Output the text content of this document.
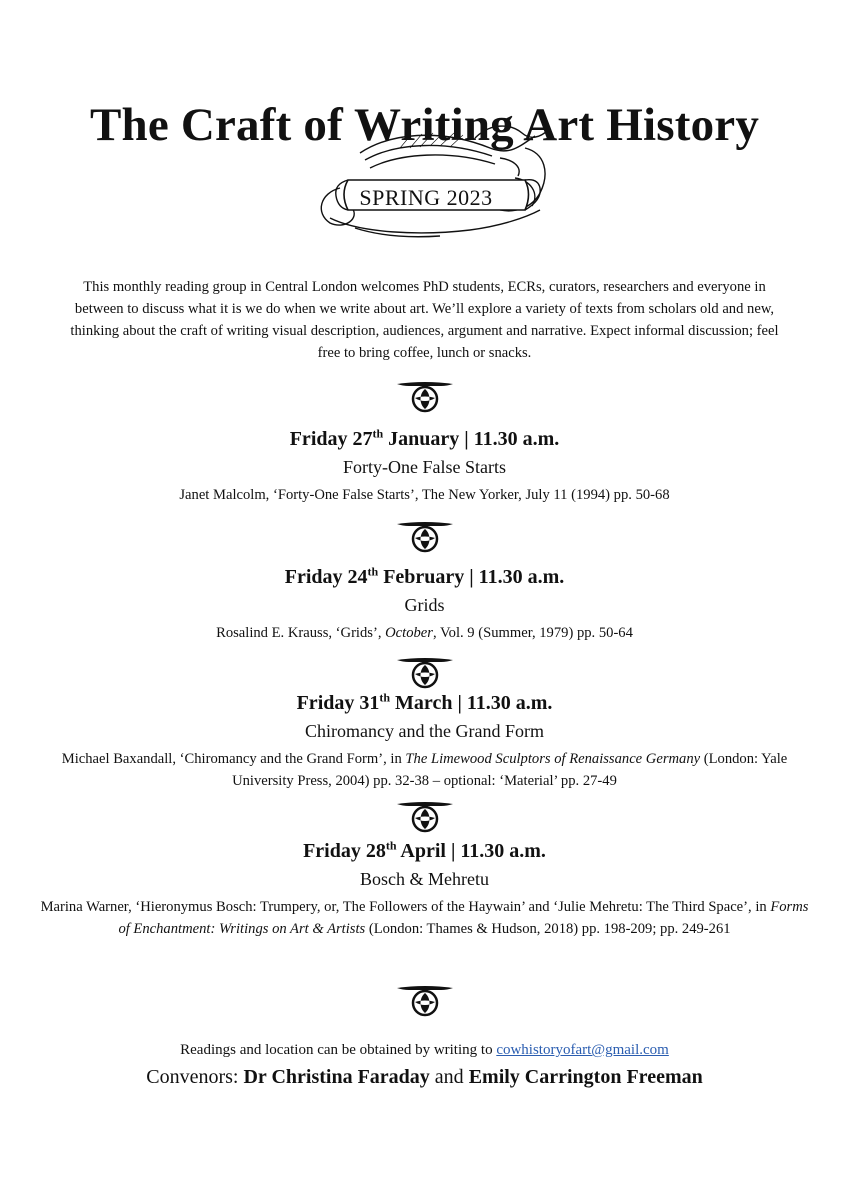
The Craft of Writing Art History
SPRING 2023

This monthly reading group in Central London welcomes PhD students, ECRs, curators, researchers and everyone in between to discuss what it is we do when we write about art. We’ll explore a variety of texts from scholars old and new, thinking about the craft of writing visual description, audiences, argument and narrative. Expect informal discussion; feel free to bring coffee, lunch or snacks.

Friday 27th January | 11.30 a.m.
Forty-One False Starts
Janet Malcolm, ‘Forty-One False Starts’, The New Yorker, July 11 (1994) pp. 50-68
Friday 24th February | 11.30 a.m.
Grids
Rosalind E. Krauss, ‘Grids’, October, Vol. 9 (Summer, 1979) pp. 50-64
Friday 31th March | 11.30 a.m.
Chiromancy and the Grand Form
Michael Baxandall, ‘Chiromancy and the Grand Form’, in The Limewood Sculptors of Renaissance Germany (London: Yale University Press, 2004) pp. 32-38 – optional: ‘Material’ pp. 27-49
Friday 28th April | 11.30 a.m.
Bosch & Mehretu
Marina Warner, ‘Hieronymus Bosch: Trumpery, or, The Followers of the Haywain’ and ‘Julie Mehretu: The Third Space’, in Forms of Enchantment: Writings on Art & Artists (London: Thames & Hudson, 2018) pp. 198-209; pp. 249-261
Readings and location can be obtained by writing to cowhistoryofart@gmail.com
Convenors: Dr Christina Faraday and Emily Carrington Freeman
